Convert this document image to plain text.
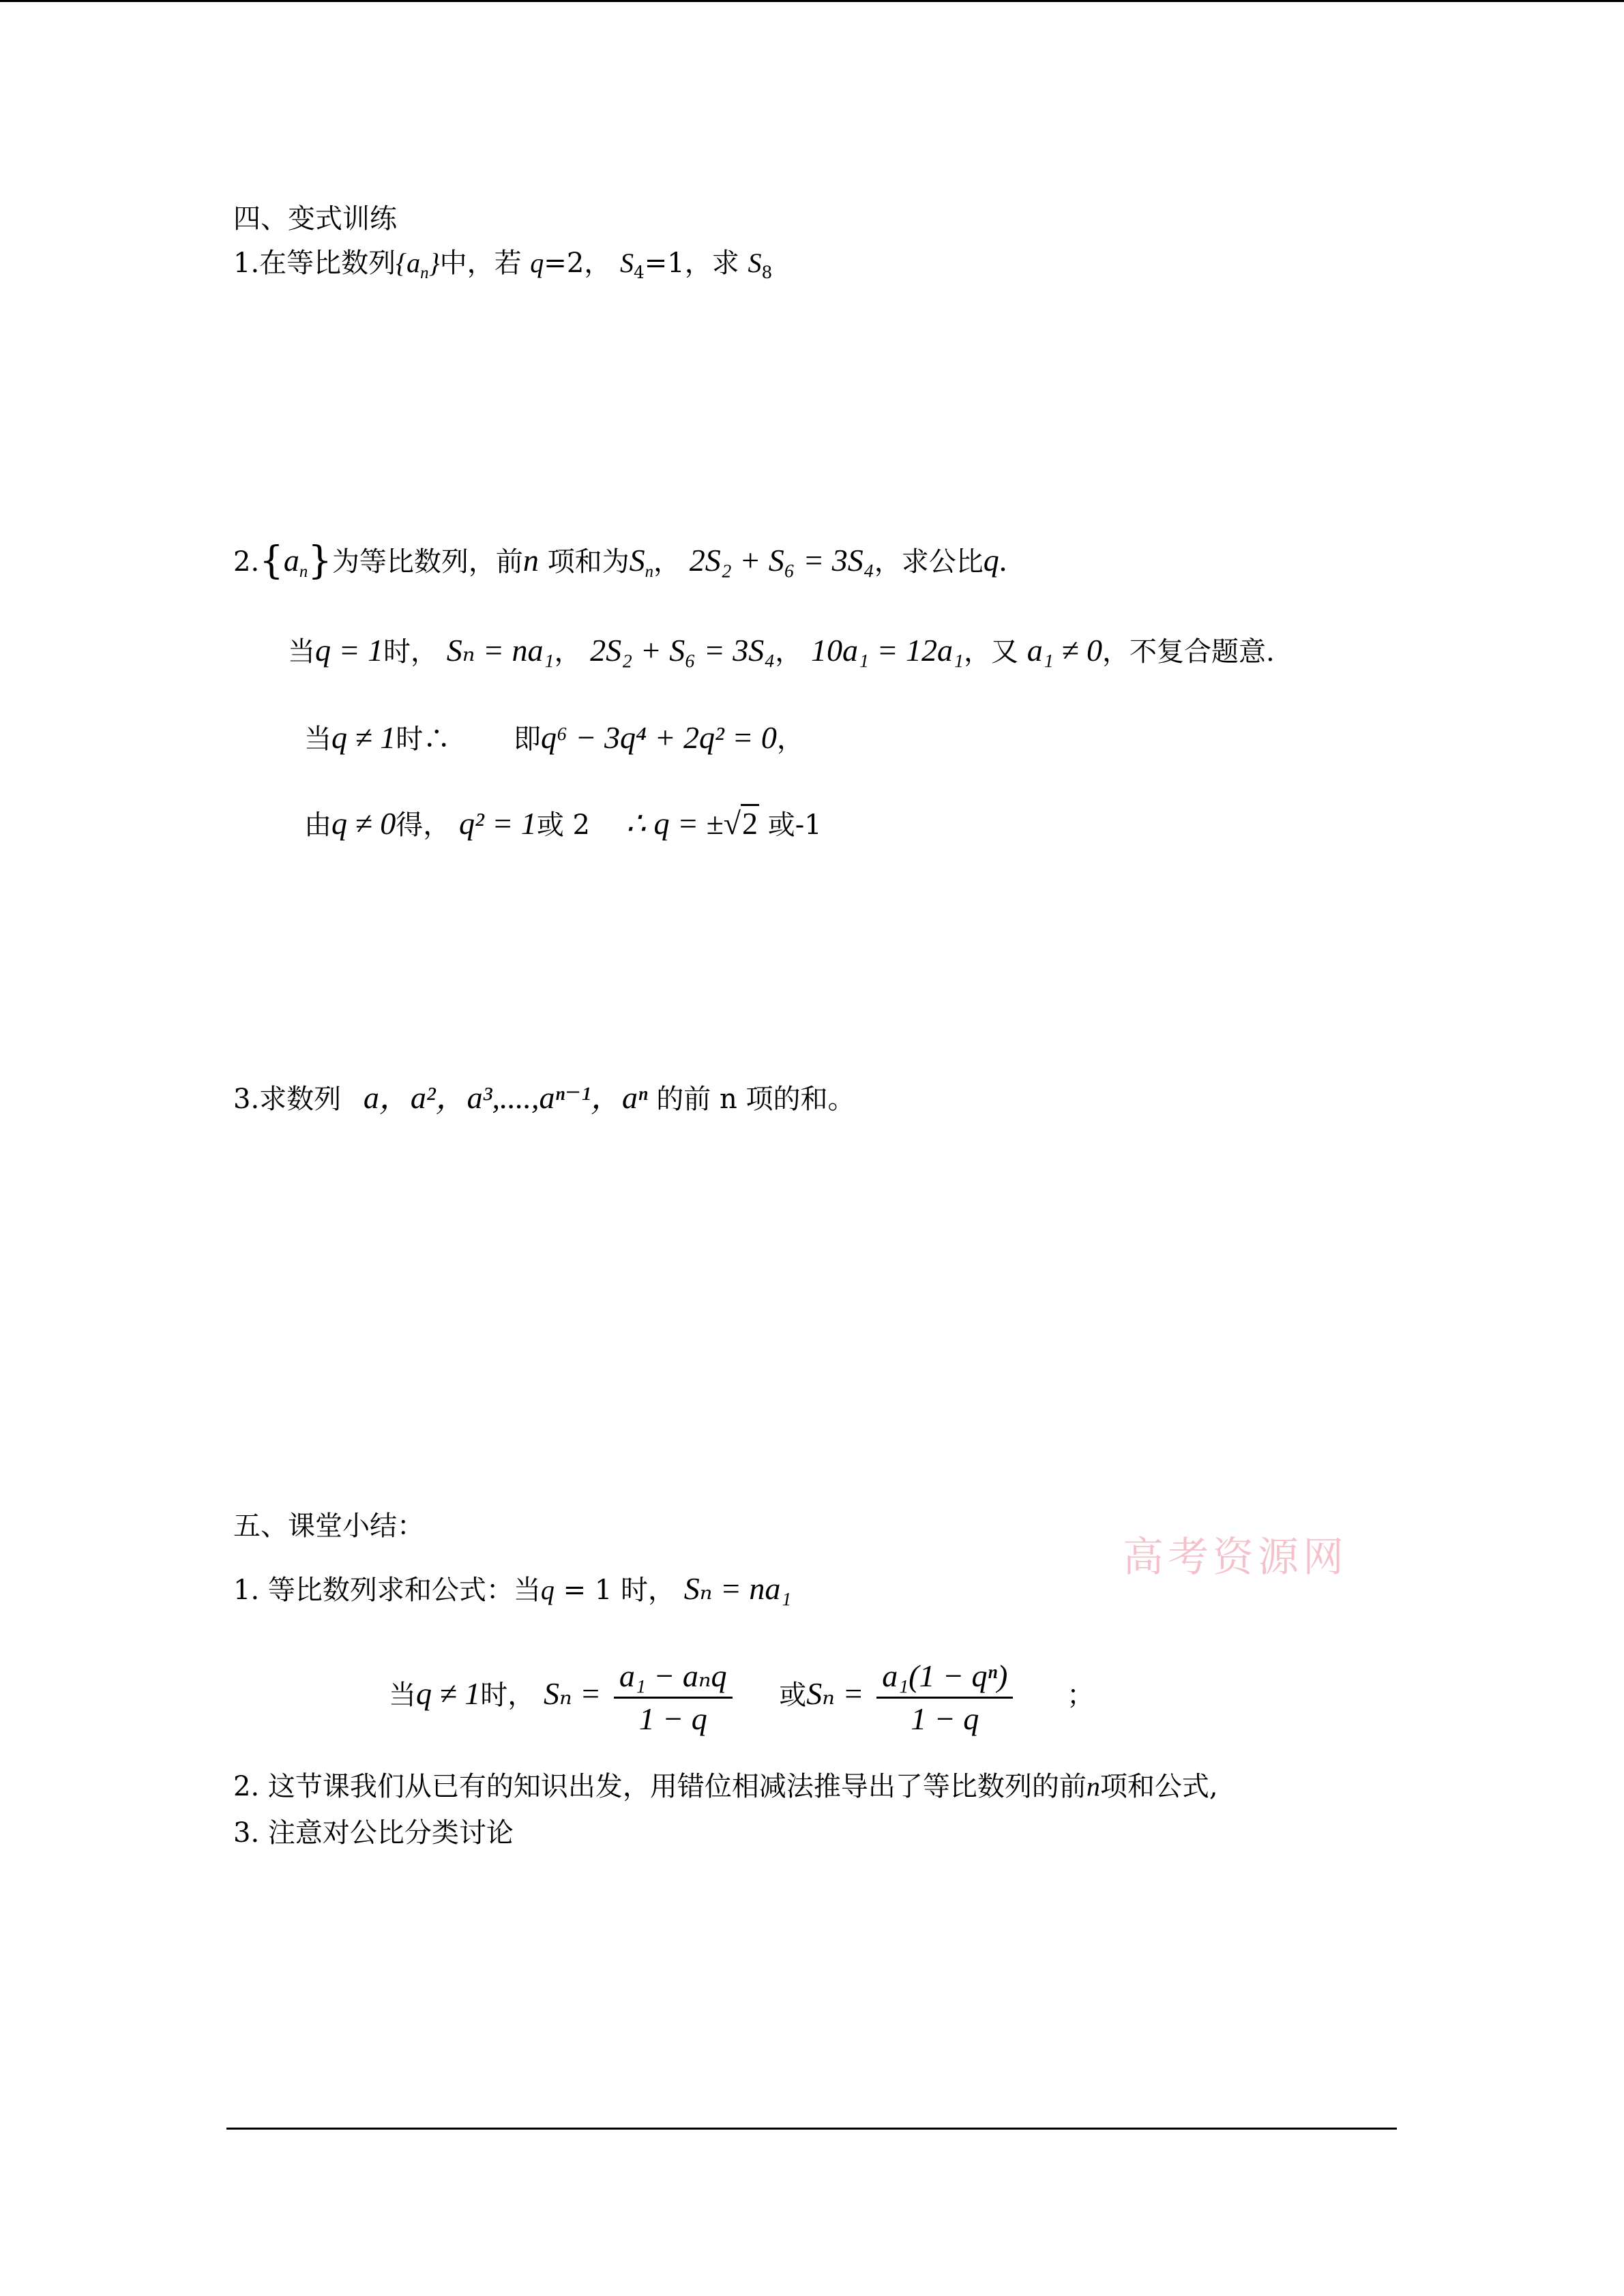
四、变式训练
1.在等比数列$\{a_n\}$中，若 q=2， $S_4=1$，求 $S_8$
$2.\{a_n\}$为等比数列，前n 项和为$S_n$， 2S₂ + S₆ = 3S₄，求公比q.
当q = 1时， Sₙ = na₁， 2S₂ + S₆ = 3S₄， 10a₁ = 12a₁，又 a₁ ≠ 0，不复合题意.
当q ≠ 1时∴ 即q⁶ − 3q⁴ + 2q² = 0，
由q ≠ 0得， q² = 1或 2 ∴ q = ±√2 或-1
3.求数列 a，a²，a³,....,aⁿ⁻¹，aⁿ 的前 n 项的和。
五、课堂小结：
高考资源网
1. 等比数列求和公式：当q = 1 时， Sₙ = na₁
当q ≠ 1时， $S_n = \frac{\text{a₁ − aₙq}}{1 - q}$ 或$S_n = \frac{\text{a₁(1 − qⁿ)}}{1 - q}$ ；
2. 这节课我们从已有的知识出发，用错位相减法推导出了等比数列的前n项和公式,
3. 注意对公比分类讨论
